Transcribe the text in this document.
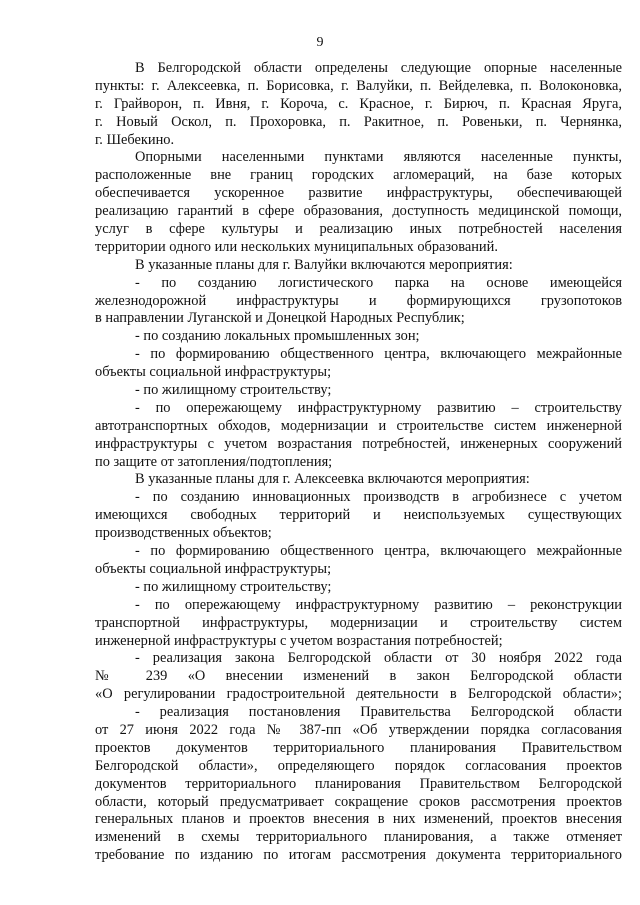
9
В Белгородской области определены следующие опорные населенные
пункты: г. Алексеевка, п. Борисовка, г. Валуйки, п. Вейделевка, п. Волоконовка,
г. Грайворон, п. Ивня, г. Короча, с. Красное, г. Бирюч, п. Красная Яруга,
г. Новый Оскол, п. Прохоровка, п. Ракитное, п. Ровеньки, п. Чернянка,
г. Шебекино.
Опорными населенными пунктами являются населенные пункты,
расположенные вне границ городских агломераций, на базе которых
обеспечивается ускоренное развитие инфраструктуры, обеспечивающей
реализацию гарантий в сфере образования, доступность медицинской помощи,
услуг в сфере культуры и реализацию иных потребностей населения
территории одного или нескольких муниципальных образований.
В указанные планы для г. Валуйки включаются мероприятия:
- по созданию логистического парка на основе имеющейся
железнодорожной инфраструктуры и формирующихся грузопотоков
в направлении Луганской и Донецкой Народных Республик;
- по созданию локальных промышленных зон;
- по формированию общественного центра, включающего межрайонные
объекты социальной инфраструктуры;
- по жилищному строительству;
- по опережающему инфраструктурному развитию – строительству
автотранспортных обходов, модернизации и строительстве систем инженерной
инфраструктуры с учетом возрастания потребностей, инженерных сооружений
по защите от затопления/подтопления;
В указанные планы для г. Алексеевка включаются мероприятия:
- по созданию инновационных производств в агробизнесе с учетом
имеющихся свободных территорий и неиспользуемых существующих
производственных объектов;
- по формированию общественного центра, включающего межрайонные
объекты социальной инфраструктуры;
- по жилищному строительству;
- по опережающему инфраструктурному развитию – реконструкции
транспортной инфраструктуры, модернизации и строительству систем
инженерной инфраструктуры с учетом возрастания потребностей;
- реализация закона Белгородской области от 30 ноября 2022 года
№ 239 «О внесении изменений в закон Белгородской области
«О регулировании градостроительной деятельности в Белгородской области»;
- реализация постановления Правительства Белгородской области
от 27 июня 2022 года № 387-пп «Об утверждении порядка согласования
проектов документов территориального планирования Правительством
Белгородской области», определяющего порядок согласования проектов
документов территориального планирования Правительством Белгородской
области, который предусматривает сокращение сроков рассмотрения проектов
генеральных планов и проектов внесения в них изменений, проектов внесения
изменений в схемы территориального планирования, а также отменяет
требование по изданию по итогам рассмотрения документа территориального
